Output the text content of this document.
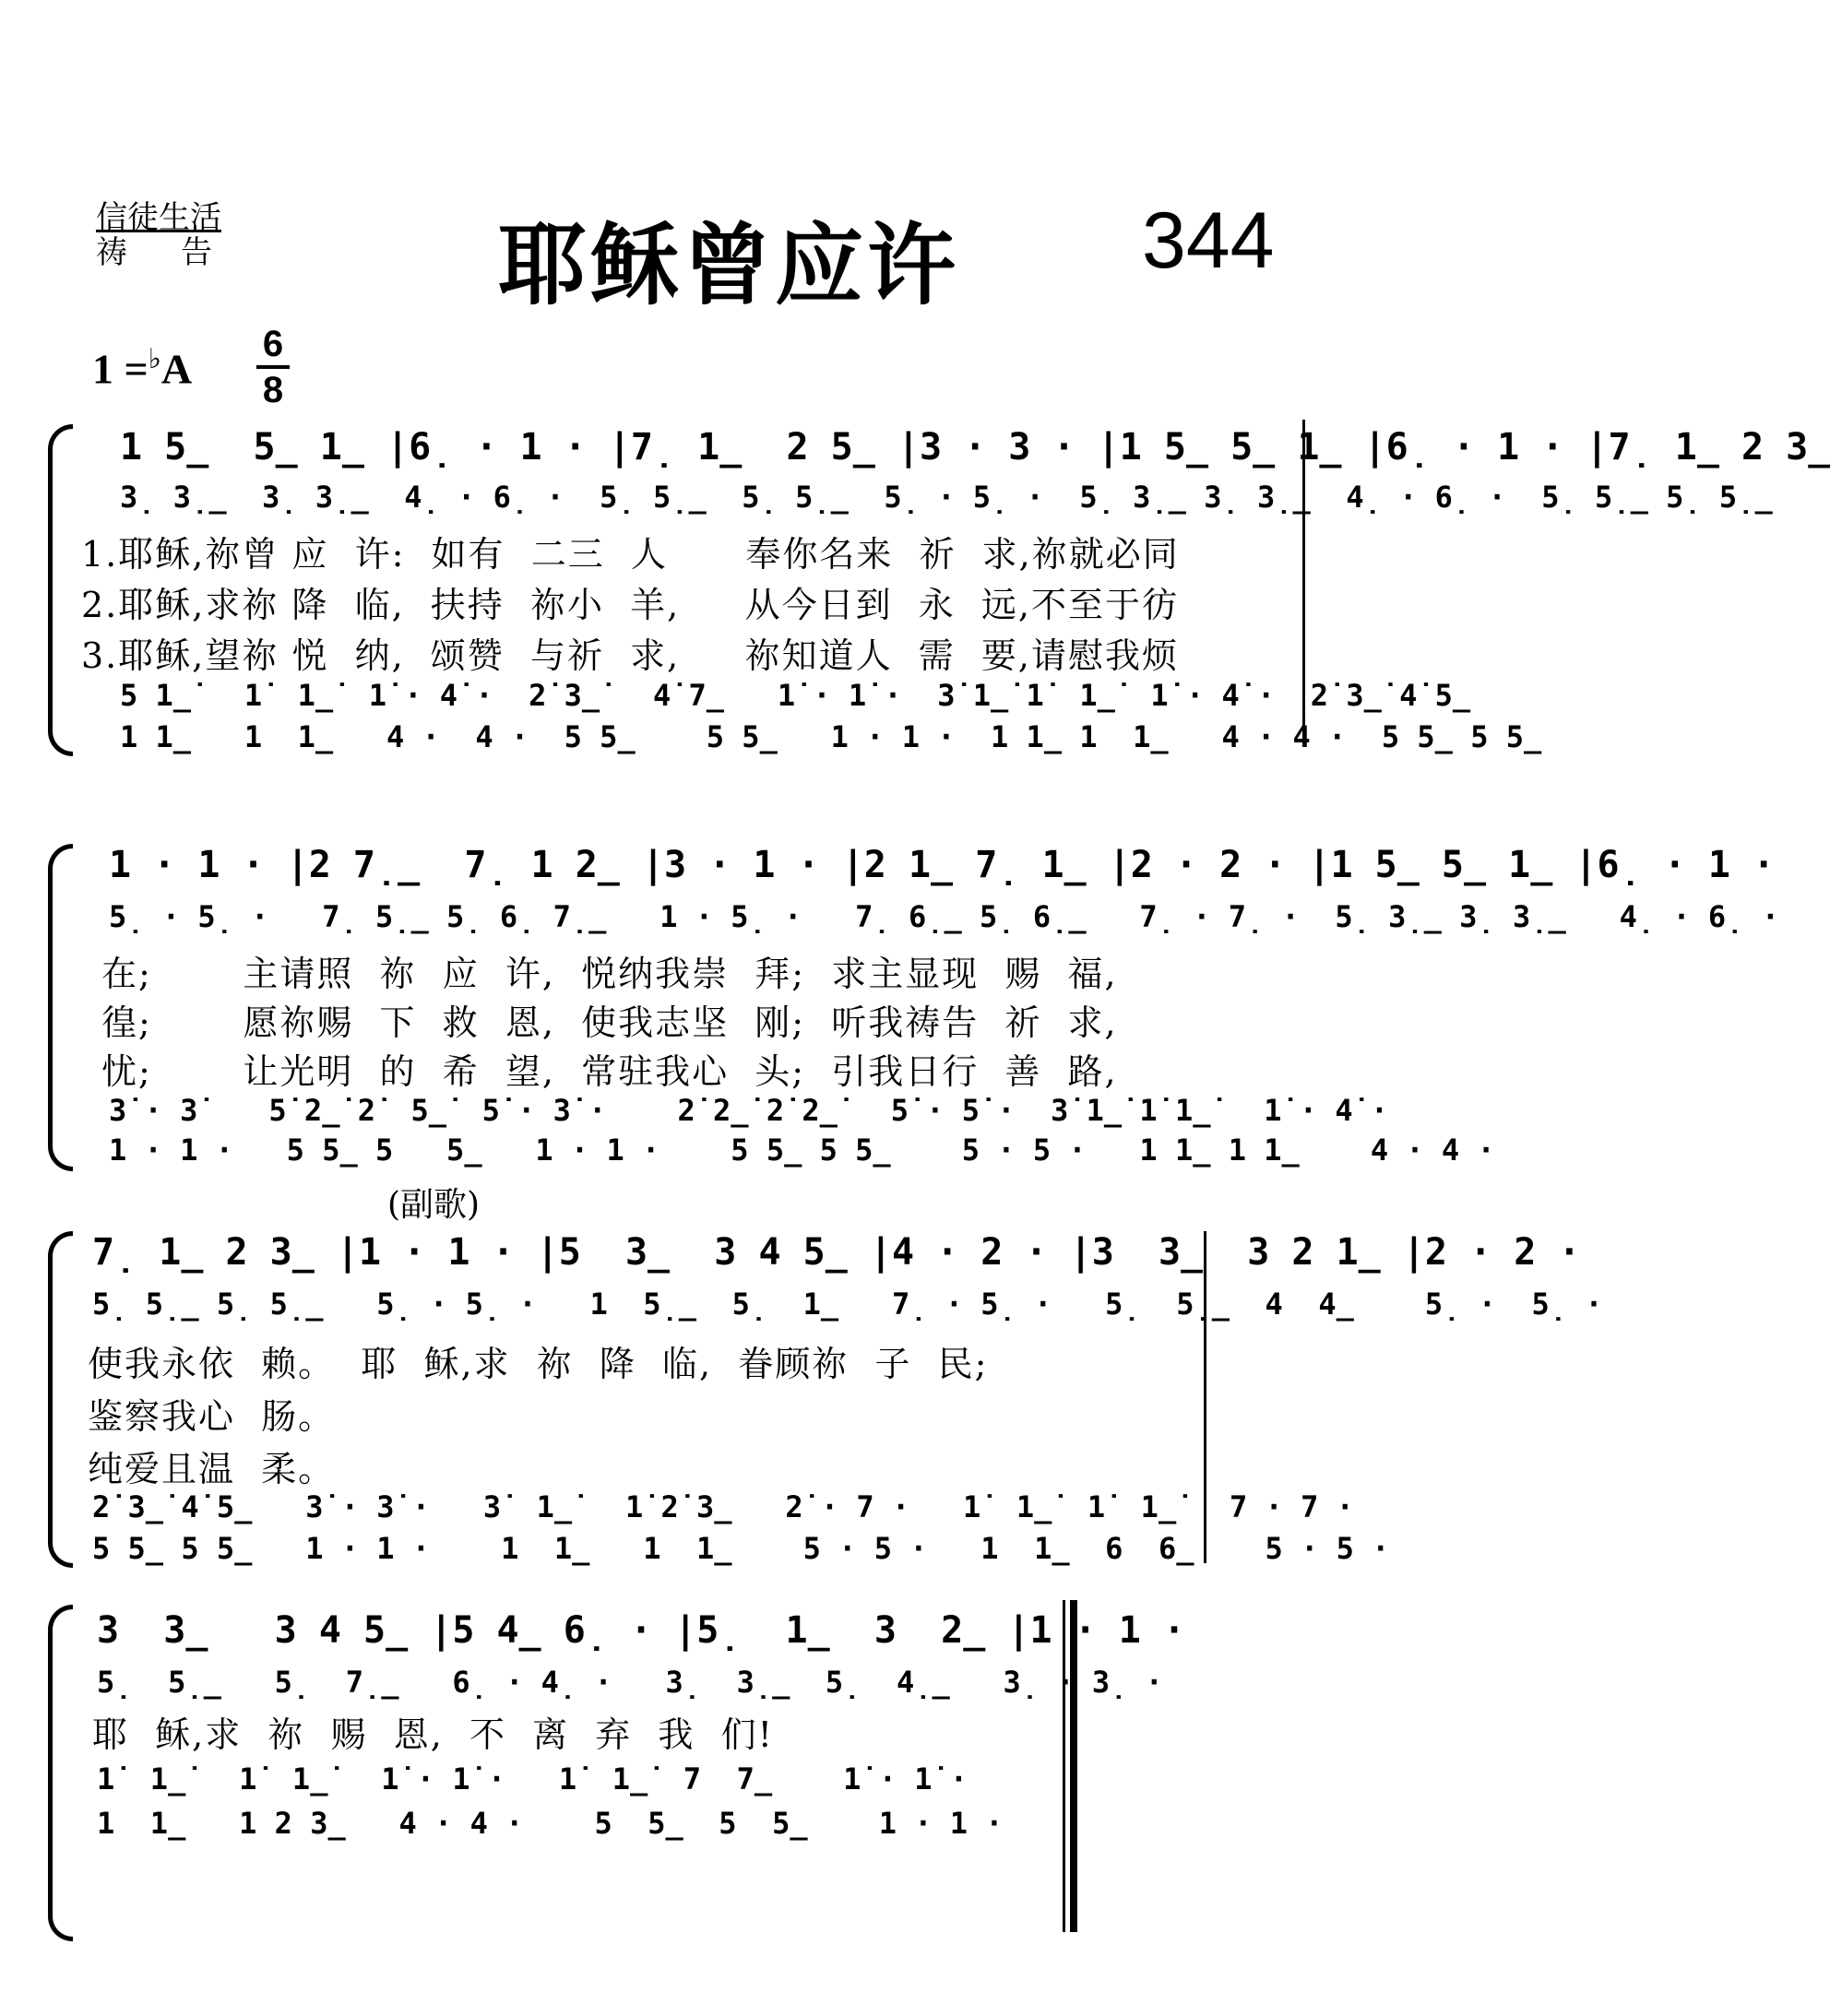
信徒生活
祷告	耶稣曾应许 344
1 =♭A
6
8
1 5̲  5̲ 1̲ |6̣ · 1 · |7̣ 1̲  2 5̲ |3 · 3 · |1 5̲ 5̲ 1̲ |6̣ · 1 · |7̣ 1̲ 2 3̲
3̣ 3̣̲  3̣ 3̣̲  4̣ · 6̣ ·  5̣ 5̣̲  5̣ 5̣̲  5̣ · 5̣ ·  5̣ 3̣̲ 3̣ 3̣̲  4̣ · 6̣ ·  5̣ 5̣̲ 5̣ 5̣̲
1.耶稣,祢曾 应  许:  如有  二三  人      奉你名来  祈  求,祢就必同
2.耶稣,求祢 降  临,  扶持  祢小  羊,     从今日到  永  远,不至于彷
3.耶稣,望祢 悦  纳,  颂赞  与祈  求,     祢知道人  需  要,请慰我烦
5 1̲̇   1̇  1̲̇  1̇ · 4̇ ·  2̇ 3̲̇   4̇ 7̲   1̇ · 1̇ ·  3̇ 1̲̇ 1̇  1̲̇  1̇ · 4̇ ·  2̇ 3̲̇ 4̇ 5̲
1 1̲   1  1̲   4 ·  4 ·  5 5̲    5 5̲   1 · 1 ·  1 1̲ 1  1̲   4 · 4 ·  5 5̲ 5 5̲
1 · 1 · |2 7̣̲  7̣ 1 2̲ |3 · 1 · |2 1̲ 7̣ 1̲ |2 · 2 · |1 5̲ 5̲ 1̲ |6̣ · 1 ·
5̣ · 5̣ ·   7̣ 5̣̲ 5̣ 6̣ 7̣̲   1 · 5̣ ·   7̣ 6̣̲ 5̣ 6̣̲   7̣ · 7̣ ·  5̣ 3̣̲ 3̣ 3̣̲   4̣ · 6̣ ·
在;       主请照  祢  应  许,  悦纳我崇  拜;  求主显现  赐  福,
徨;       愿祢赐  下  救  恩,  使我志坚  刚;  听我祷告  祈  求,
忧;       让光明  的  希  望,  常驻我心  头;  引我日行  善  路,
3̇ · 3̇    5̇ 2̲̇ 2̇  5̲̇  5̇ · 3̇ ·    2̇ 2̲̇ 2̇ 2̲̇   5̇ · 5̇ ·  3̇ 1̲̇ 1̇ 1̲̇   1̇ · 4̇ ·
1 · 1 ·   5 5̲ 5   5̲   1 · 1 ·    5 5̲ 5 5̲    5 · 5 ·   1 1̲ 1 1̲    4 · 4 ·
(副歌)
7̣ 1̲ 2 3̲ |1 · 1 · |5  3̲  3 4 5̲ |4 · 2 · |3  3̲  3 2 1̲ |2 · 2 ·
5̣ 5̣̲ 5̣ 5̣̲   5̣ · 5̣ ·   1  5̣̲  5̣  1̲   7̣ · 5̣ ·   5̣  5̣̲  4  4̲    5̣ ·  5̣ ·
使我永依  赖。  耶  稣,求  祢  降  临,  眷顾祢  子  民;
鉴察我心  肠。
纯爱且温  柔。
2̇ 3̲̇ 4̇ 5̲   3̇ · 3̇ ·   3̇  1̲̇   1̇ 2̇ 3̲   2̇ · 7 ·   1̇  1̲̇  1̇  1̲̇   7 · 7 ·
5 5̲ 5 5̲   1 · 1 ·    1  1̲   1  1̲    5 · 5 ·   1  1̲  6  6̲    5 · 5 ·
3  3̲   3 4 5̲ |5 4̲ 6̣ · |5̣  1̲  3  2̲ |1 · 1 ·
5̣  5̣̲   5̣  7̣̲   6̣ · 4̣ ·   3̣  3̣̲  5̣  4̣̲   3̣ · 3̣ ·
耶  稣,求  祢  赐  恩,  不  离  弃  我  们!
1̇  1̲̇   1̇  1̲̇   1̇ · 1̇ ·   1̇  1̲̇  7  7̲    1̇ · 1̇ ·
1  1̲   1 2 3̲   4 · 4 ·    5  5̲  5  5̲    1 · 1 ·
